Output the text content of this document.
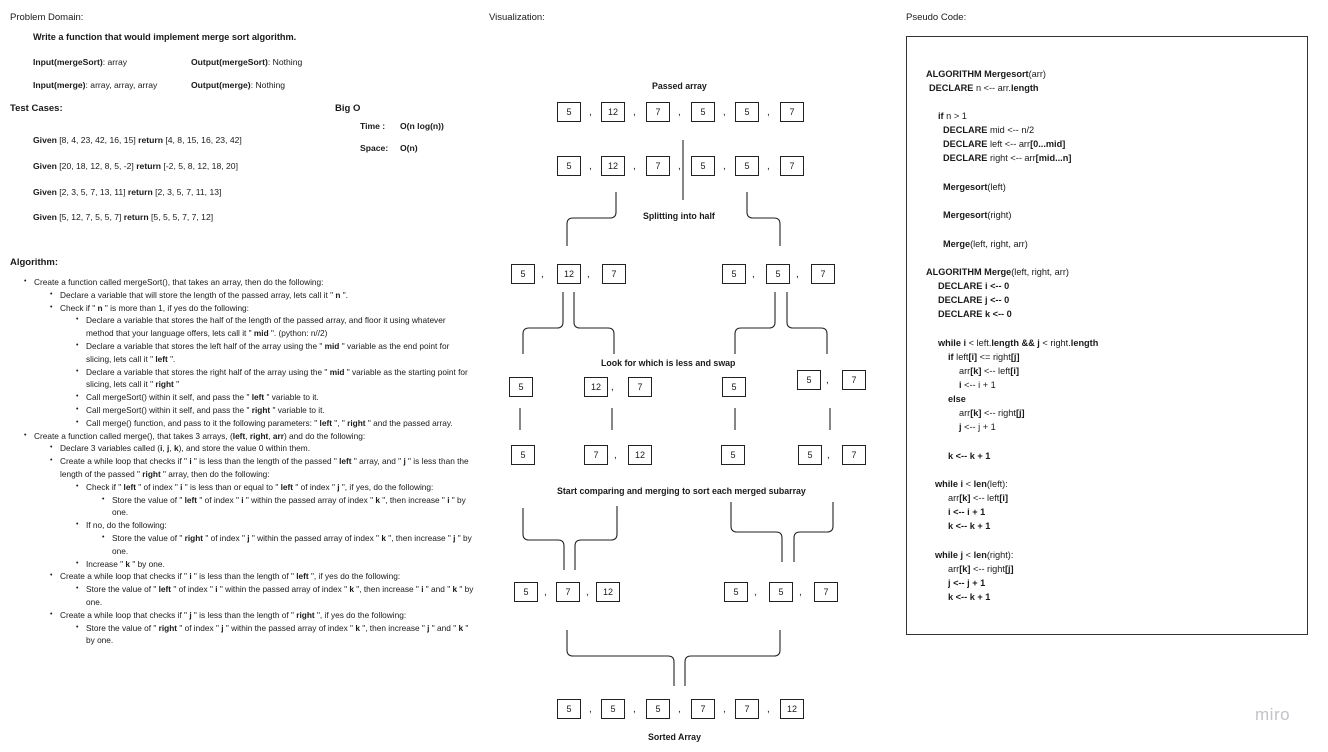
Problem Domain:
Write a function that would implement merge sort algorithm.
Input(mergeSort): array	Output(mergeSort): Nothing
Input(merge): array, array, array	Output(merge): Nothing
Test Cases:
Given [8, 4, 23, 42, 16, 15] return [4, 8, 15, 16, 23, 42]
Given [20, 18, 12, 8, 5, -2] return [-2, 5, 8, 12, 18, 20]
Given [2, 3, 5, 7, 13, 11] return [2, 3, 5, 7, 11, 13]
Given [5, 12, 7, 5, 5, 7] return [5, 5, 5, 7, 7, 12]
Big O
Time : O(n log(n))
Space: O(n)
Algorithm:
• Create a function called mergeSort(), that takes an array, then do the following:
• Declare a variable that will store the length of the passed array, lets call it " n ".
• Check if " n " is more than 1, if yes do the following:
• Declare a variable that stores the half of the length of the passed array, and floor it using whatever method that your language offers, lets call it " mid ". (python: n//2)
• Declare a variable that stores the left half of the array using the " mid " variable as the end point for slicing, lets call it " left ".
• Declare a variable that stores the right half of the array using the " mid " variable as the starting point for slicing, lets call it " right "
• Call mergeSort() within it self, and pass the " left " variable to it.
• Call mergeSort() within it self, and pass the " right " variable to it.
• Call merge() function, and pass to it the following parameters: " left ", " right " and the passed array.
• Create a function called merge(), that takes 3 arrays, (left, right, arr) and do the following:
• Declare 3 variables called (i, j, k), and store the value 0 within them.
• Create a while loop that checks if " i " is less than the length of the passed " left " array, and " j " is less than the length of the passed " right " array, then do the following:
• Check if " left " of index " i " is less than or equal to " left " of index " j ", if yes, do the following:
• Store the value of " left " of index " i " within the passed array of index " k ", then increase " i " by one.
• If no, do the following:
• Store the value of " right " of index " j " within the passed array of index " k ", then increase " j " by one.
• Increase " k " by one.
• Create a while loop that checks if " i " is less than the length of " left ", if yes do the following:
• Store the value of " left " of index " i " within the passed array of index " k ", then increase " i " and " k " by one.
• Create a while loop that checks if " j " is less than the length of " right ", if yes do the following:
• Store the value of " right " of index " j " within the passed array of index " k ", then increase " j " and " k " by one.
Visualization:
Passed array
5	,	12	,	7	,	5	,	5	,	7
5	,	12	,	7	,	5	,	5	,	7
Splitting into half
5	,	12	,	7	5	,	5	,	7
Look for which is less and swap
5	12	,	7	5
5	,	7
5	7	,	12	5	5	,	7
Start comparing and merging to sort each merged subarray
5	,	7	,	12	5	,	5	,	7
5	,	5	,	5	,	7	,	7	,	12
Sorted Array
Pseudo Code:
ALGORITHM Mergesort(arr)
DECLARE n <-- arr.length
if n > 1
DECLARE mid <-- n/2
DECLARE left <-- arr[0...mid]
DECLARE right <-- arr[mid...n]
Mergesort(left)
Mergesort(right)
Merge(left, right, arr)
ALGORITHM Merge(left, right, arr)
DECLARE i <-- 0
DECLARE j <-- 0
DECLARE k <-- 0
while i < left.length && j < right.length
if left[i] <= right[j]
arr[k] <-- left[i]
i <-- i + 1
else
arr[k] <-- right[j]
j <-- j + 1
k <-- k + 1
while i < len(left):
arr[k] <-- left[i]
i <-- i + 1
k <-- k + 1
while j < len(right):
arr[k] <-- right[j]
j <-- j + 1
k <-- k + 1
miro
